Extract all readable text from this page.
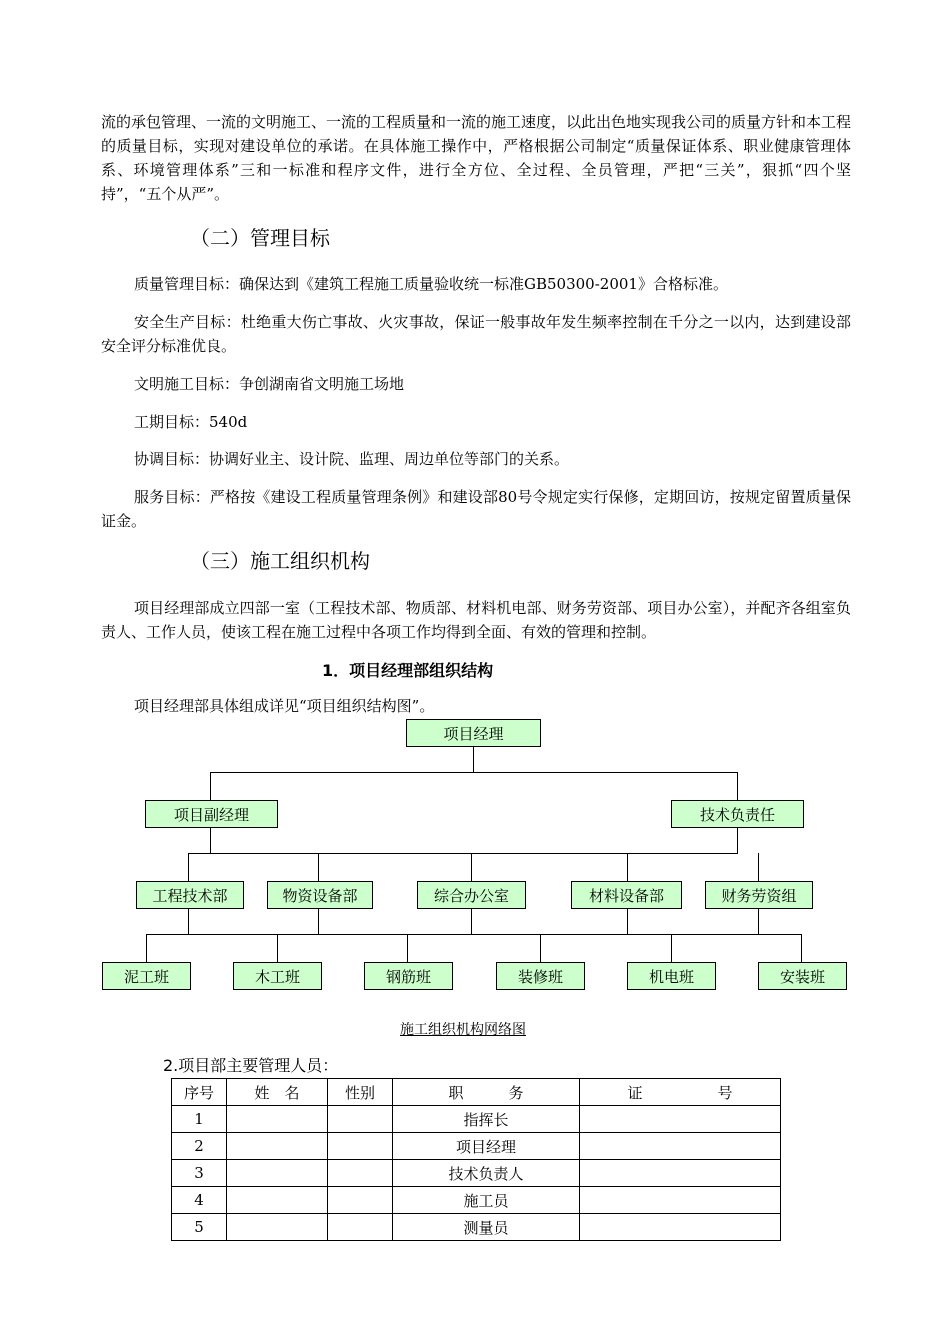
流的承包管理、一流的文明施工、一流的工程质量和一流的施工速度，以此出色地实现我公司的质量方针和本工程的质量目标，实现对建设单位的承诺。在具体施工操作中，严格根据公司制定“质量保证体系、职业健康管理体系、环境管理体系”三和一标准和程序文件，进行全方位、全过程、全员管理，严把“三关”，狠抓“四个坚持”，“五个从严”。

（二）管理目标

质量管理目标：确保达到《建筑工程施工质量验收统一标准GB50300-2001》合格标准。

安全生产目标：杜绝重大伤亡事故、火灾事故，保证一般事故年发生频率控制在千分之一以内，达到建设部安全评分标准优良。

文明施工目标：争创湖南省文明施工场地

工期目标：540d

协调目标：协调好业主、设计院、监理、周边单位等部门的关系。

服务目标：严格按《建设工程质量管理条例》和建设部80号令规定实行保修，定期回访，按规定留置质量保证金。

（三）施工组织机构

项目经理部成立四部一室（工程技术部、物质部、材料机电部、财务劳资部、项目办公室），并配齐各组室负责人、工作人员，使该工程在施工过程中各项工作均得到全面、有效的管理和控制。

1．项目经理部组织结构

项目经理部具体组成详见“项目组织结构图”。

项目经理
项目副经理	技术负责任
工程技术部	物资设备部	综合办公室	材料设备部	财务劳资组
泥工班	木工班	钢筋班	装修班	机电班	安装班
施工组织机构网络图
2.项目部主要管理人员：
序号	姓　名	性别	职　　　务	证　　　　　号
1			指挥长	
2			项目经理	
3			技术负责人	
4			施工员	
5			测量员	
